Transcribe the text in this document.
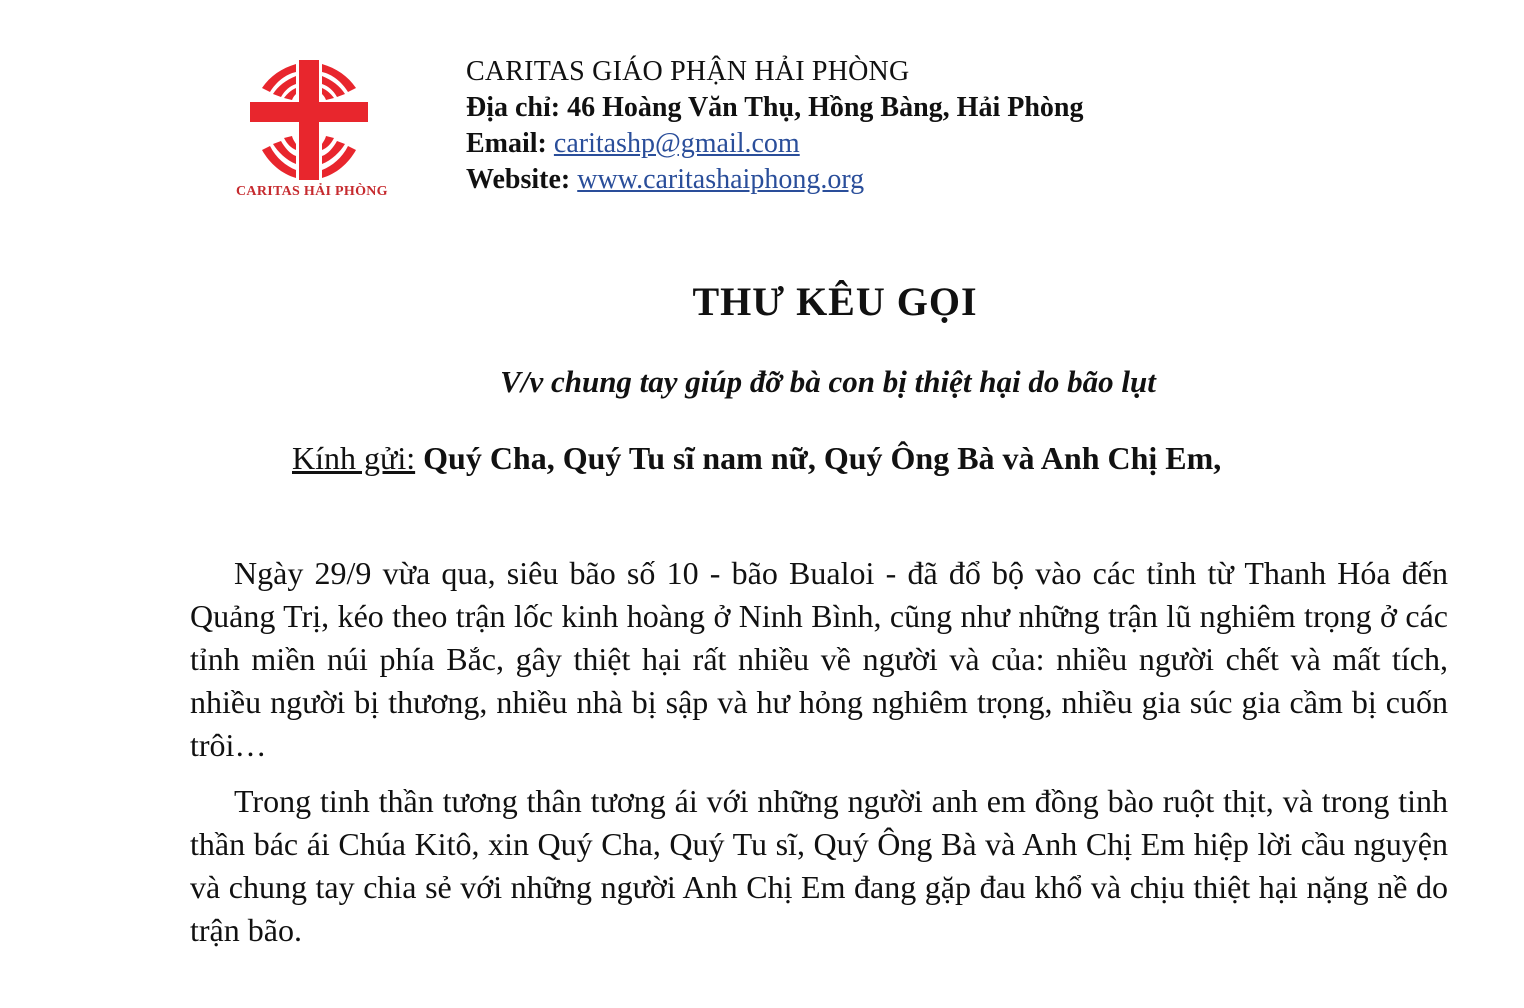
CARITAS HẢI PHÒNG
CARITAS GIÁO PHẬN HẢI PHÒNG
Địa chỉ: 46 Hoàng Văn Thụ, Hồng Bàng, Hải Phòng
Email: caritashp@gmail.com
Website: www.caritashaiphong.org
THƯ KÊU GỌI
V/v chung tay giúp đỡ bà con bị thiệt hại do bão lụt
Kính gửi: Quý Cha, Quý Tu sĩ nam nữ, Quý Ông Bà và Anh Chị Em,

Ngày 29/9 vừa qua, siêu bão số 10 - bão Bualoi - đã đổ bộ vào các tỉnh từ Thanh Hóa đến Quảng Trị, kéo theo trận lốc kinh hoàng ở Ninh Bình, cũng như những trận lũ nghiêm trọng ở các tỉnh miền núi phía Bắc, gây thiệt hại rất nhiều về người và của: nhiều người chết và mất tích, nhiều người bị thương, nhiều nhà bị sập và hư hỏng nghiêm trọng, nhiều gia súc gia cầm bị cuốn trôi…

Trong tinh thần tương thân tương ái với những người anh em đồng bào ruột thịt, và trong tinh thần bác ái Chúa Kitô, xin Quý Cha, Quý Tu sĩ, Quý Ông Bà và Anh Chị Em hiệp lời cầu nguyện và chung tay chia sẻ với những người Anh Chị Em đang gặp đau khổ và chịu thiệt hại nặng nề do trận bão.
